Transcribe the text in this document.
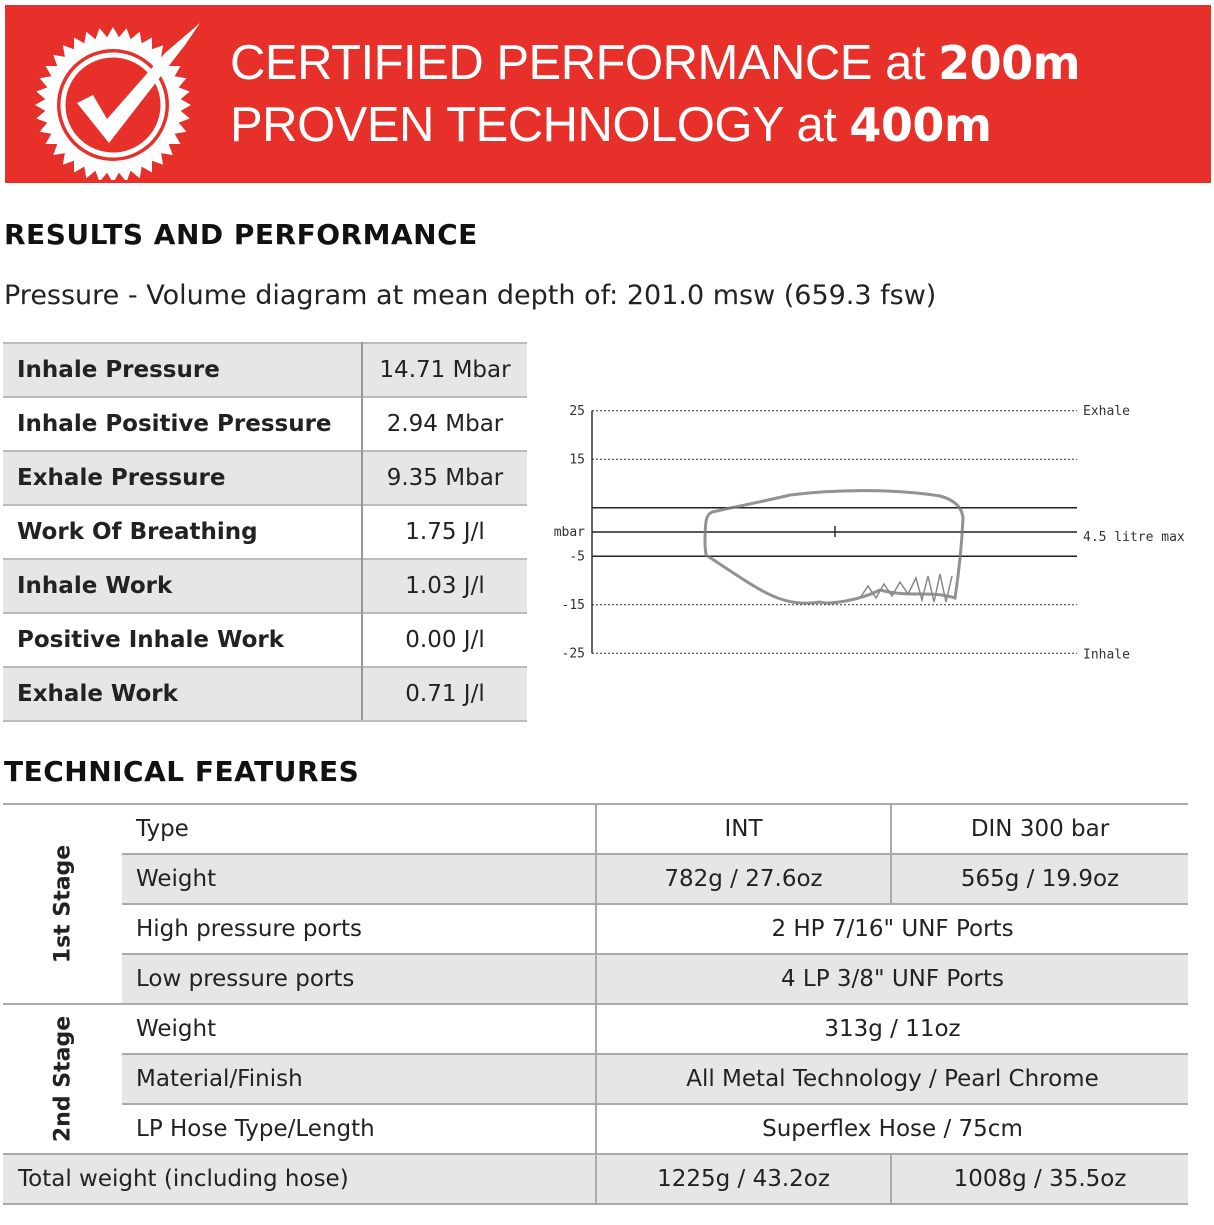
CERTIFIED PERFORMANCE at 200m
PROVEN TECHNOLOGY at 400m
RESULTS AND PERFORMANCE
Pressure - Volume diagram at mean depth of: 201.0 msw (659.3 fsw)
Inhale Pressure	14.71 Mbar
Inhale Positive Pressure	2.94 Mbar
Exhale Pressure	9.35 Mbar
Work Of Breathing	1.75 J/l
Inhale Work	1.03 J/l
Positive Inhale Work	0.00 J/l
Exhale Work	0.71 J/l
25
15
-5
-15
-25
mbar
Exhale
4.5 litre max
Inhale
TECHNICAL FEATURES
1st Stage	Type	INT	DIN 300 bar
	Weight	782g / 27.6oz	565g / 19.9oz
	High pressure ports	2 HP 7/16" UNF Ports	
	Low pressure ports	4 LP 3/8" UNF Ports	

2nd Stage	Weight	313g / 11oz	
	Material/Finish	All Metal Technology / Pearl Chrome	
	LP Hose Type/Length	Superflex Hose / 75cm	
Total weight (including hose)		1225g / 43.2oz	1008g / 35.5oz
